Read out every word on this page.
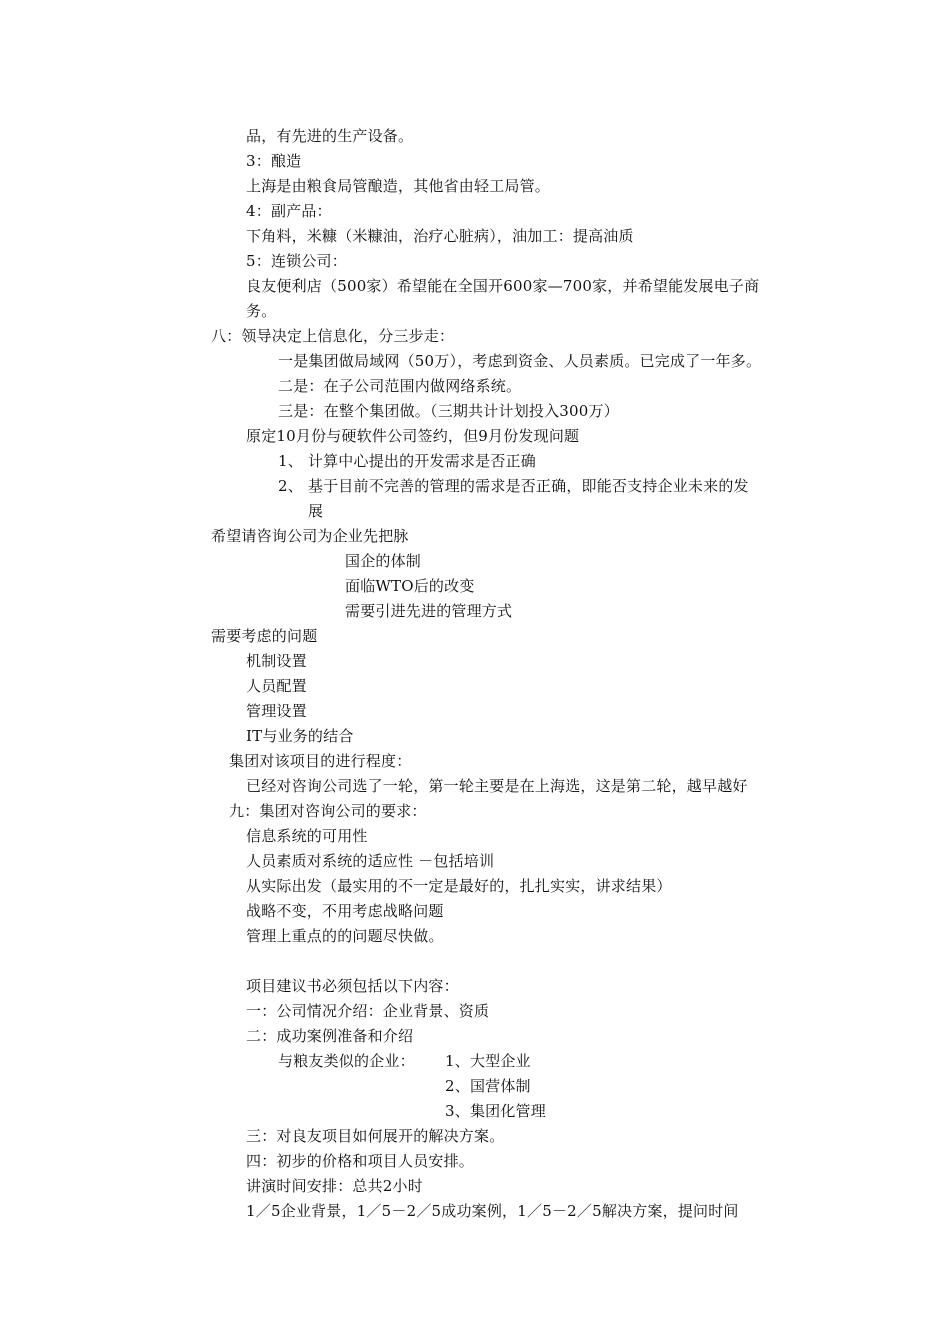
品，有先进的生产设备。
3：酿造
上海是由粮食局管酿造，其他省由轻工局管。
4：副产品：
下角料，米糠（米糠油，治疗心脏病），油加工：提高油质
5：连锁公司：
良友便利店（500家）希望能在全国开600家—700家，并希望能发展电子商
务。
八：领导决定上信息化，分三步走：
一是集团做局域网（50万），考虑到资金、人员素质。已完成了一年多。
二是：在子公司范围内做网络系统。
三是：在整个集团做。（三期共计计划投入300万）
原定10月份与硬软件公司签约，但9月份发现问题
1、 计算中心提出的开发需求是否正确
2、 基于目前不完善的管理的需求是否正确，即能否支持企业未来的发
展
希望请咨询公司为企业先把脉
国企的体制
面临WTO后的改变
需要引进先进的管理方式
需要考虑的问题
机制设置
人员配置
管理设置
IT与业务的结合
集团对该项目的进行程度：
已经对咨询公司选了一轮，第一轮主要是在上海选，这是第二轮，越早越好
九：集团对咨询公司的要求：
信息系统的可用性
人员素质对系统的适应性 －包括培训
从实际出发（最实用的不一定是最好的，扎扎实实，讲求结果）
战略不变，不用考虑战略问题
管理上重点的的问题尽快做。
项目建议书必须包括以下内容：
一：公司情况介绍：企业背景、资质
二：成功案例准备和介绍
与粮友类似的企业： 1、大型企业
2、国营体制
3、集团化管理
三：对良友项目如何展开的解决方案。
四：初步的价格和项目人员安排。
讲演时间安排：总共2小时
1／5企业背景，1／5－2／5成功案例，1／5－2／5解决方案，提问时间
